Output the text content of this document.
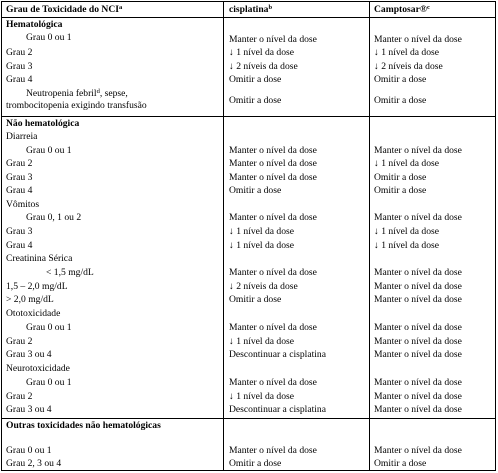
Grau de Toxicidade do NCI$^a$	cisplatina$^b$	Camptosar®$^c$
Hematológica
Grau 0 ou 1	Manter o nível da dose	Manter o nível da dose
Grau 2	↓ 1 nível da dose	↓ 1 nível da dose
Grau 3	↓ 2 níveis da dose	↓ 2 níveis da dose
Grau 4	Omitir a dose	Omitir a dose
Neutropenia febril$^d$, sepse,
trombocitopenia exigindo transfusão	Omitir a dose	Omitir a dose
Não hematológica
Diarreia
Grau 0 ou 1	Manter o nível da dose	Manter o nível da dose
Grau 2	Manter o nível da dose	↓ 1 nível da dose
Grau 3	Manter o nível da dose	Omitir a dose
Grau 4	Omitir a dose	Omitir a dose
Vômitos
Grau 0, 1 ou 2	Manter o nível da dose	Manter o nível da dose
Grau 3	↓ 1 nível da dose	↓ 1 nível da dose
Grau 4	↓ 1 nível da dose	↓ 1 nível da dose
Creatinina Sérica
< 1,5 mg/dL	Manter o nível da dose	Manter o nível da dose
1,5 – 2,0 mg/dL	↓ 2 níveis da dose	Manter o nível da dose
> 2,0 mg/dL	Omitir a dose	Manter o nível da dose
Ototoxicidade
Grau 0 ou 1	Manter o nível da dose	Manter o nível da dose
Grau 2	↓ 1 nível da dose	Manter o nível da dose
Grau 3 ou 4	Descontinuar a cisplatina	Manter o nível da dose
Neurotoxicidade
Grau 0 ou 1	Manter o nível da dose	Manter o nível da dose
Grau 2	↓ 1 nível da dose	Manter o nível da dose
Grau 3 ou 4	Descontinuar a cisplatina	Manter o nível da dose
Outras toxicidades não hematológicas
Grau 0 ou 1	Manter o nível da dose	Manter o nível da dose
Grau 2, 3 ou 4	Omitir a dose	Omitir a dose
